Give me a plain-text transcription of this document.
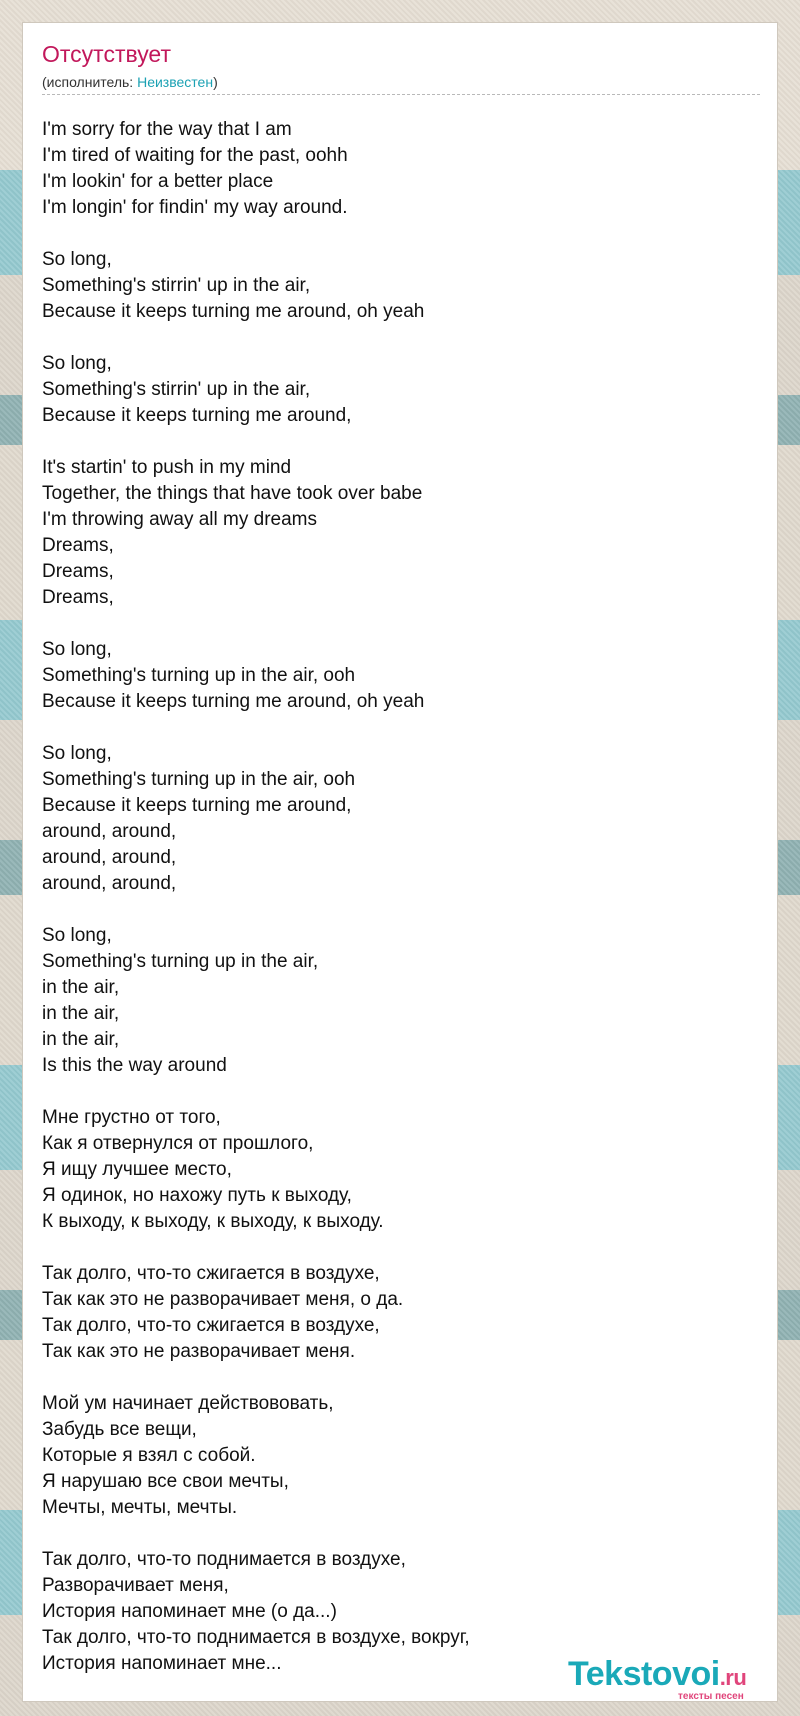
Отсутствует
(исполнитель: Неизвестен)
I'm sorry for the way that I am
I'm tired of waiting for the past, oohh
I'm lookin' for a better place
I'm longin' for findin' my way around.
So long,
Something's stirrin' up in the air,
Because it keeps turning me around, oh yeah
So long,
Something's stirrin' up in the air,
Because it keeps turning me around,
It's startin' to push in my mind
Together, the things that have took over babe
I'm throwing away all my dreams
Dreams,
Dreams,
Dreams,
So long,
Something's turning up in the air, ooh
Because it keeps turning me around, oh yeah
So long,
Something's turning up in the air, ooh
Because it keeps turning me around,
around, around,
around, around,
around, around,
So long,
Something's turning up in the air,
in the air,
in the air,
in the air,
Is this the way around
Мне грустно от того,
Как я отвернулся от прошлого,
Я ищу лучшее место,
Я одинок, но нахожу путь к выходу,
К выходу, к выходу, к выходу, к выходу.
Так долго, что-то сжигается в воздухе,
Так как это не разворачивает меня, о да.
Так долго, что-то сжигается в воздухе,
Так как это не разворачивает меня.
Мой ум начинает действововать,
Забудь все вещи,
Которые я взял с собой.
Я нарушаю все свои мечты,
Мечты, мечты, мечты.
Так долго, что-то поднимается в воздухе,
Разворачивает меня,
История напоминает мне (о да...)
Так долго, что-то поднимается в воздухе, вокруг,
История напоминает мне...	Tekstovoi.ru
тексты песен
